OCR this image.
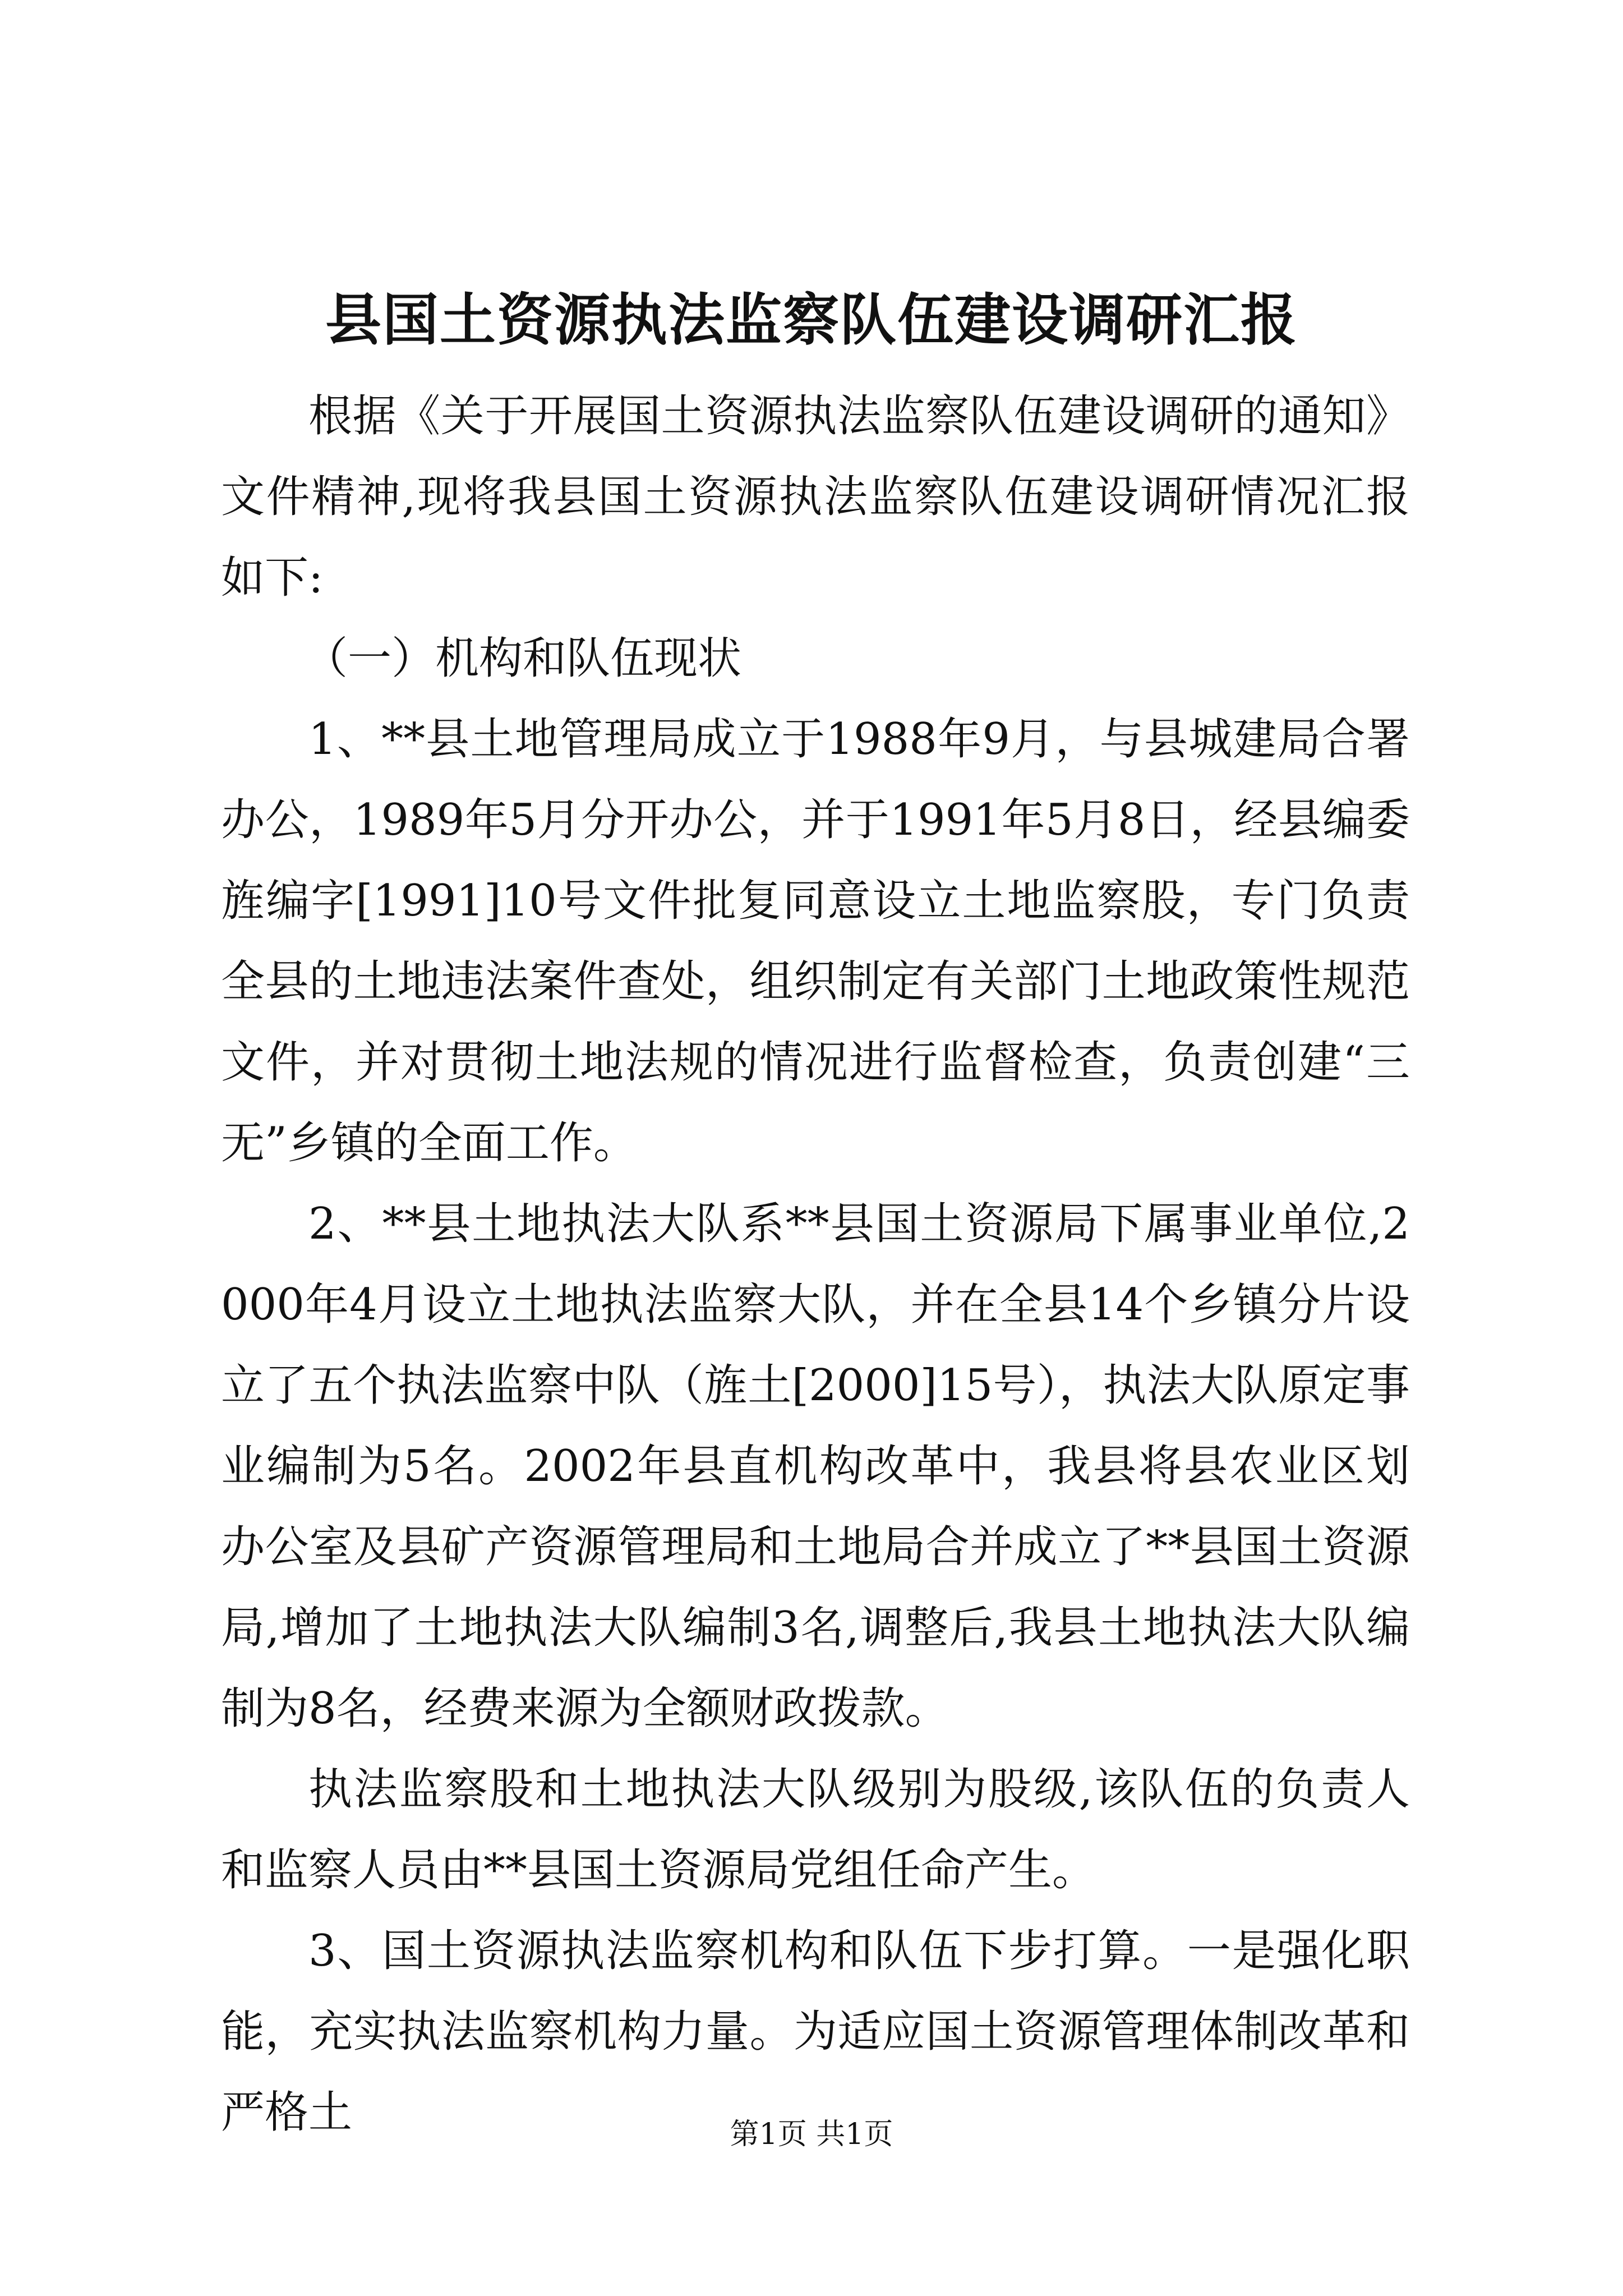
县国土资源执法监察队伍建设调研汇报

根据《关于开展国土资源执法监察队伍建设调研的通知》文件精神,现将我县国土资源执法监察队伍建设调研情况汇报如下:

（一）机构和队伍现状

1、**县土地管理局成立于1988年9月，与县城建局合署办公，1989年5月分开办公，并于1991年5月8日，经县编委旌编字[1991]10号文件批复同意设立土地监察股，专门负责全县的土地违法案件查处，组织制定有关部门土地政策性规范文件，并对贯彻土地法规的情况进行监督检查，负责创建“三无”乡镇的全面工作。

2、**县土地执法大队系**县国土资源局下属事业单位,2000年4月设立土地执法监察大队，并在全县14个乡镇分片设立了五个执法监察中队（旌土[2000]15号），执法大队原定事业编制为5名。2002年县直机构改革中，我县将县农业区划办公室及县矿产资源管理局和土地局合并成立了**县国土资源局,增加了土地执法大队编制3名,调整后,我县土地执法大队编制为8名，经费来源为全额财政拨款。

执法监察股和土地执法大队级别为股级,该队伍的负责人和监察人员由**县国土资源局党组任命产生。

3、国土资源执法监察机构和队伍下步打算。一是强化职能，充实执法监察机构力量。为适应国土资源管理体制改革和严格土	第1页 共1页
